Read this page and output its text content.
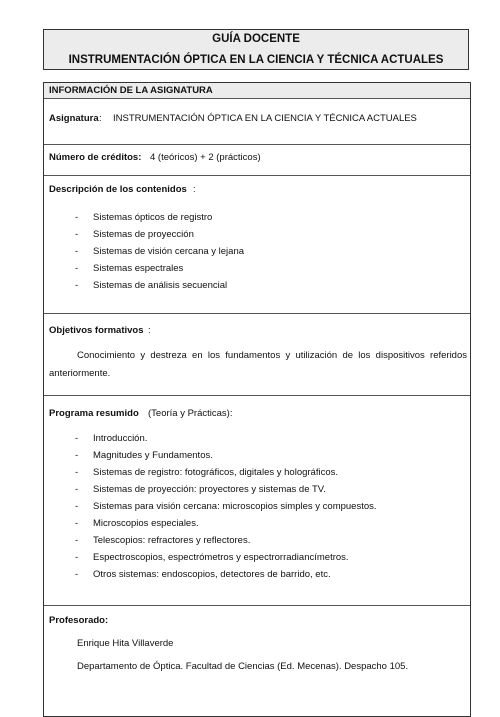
GUÍA DOCENTE
INSTRUMENTACIÓN ÓPTICA EN LA CIENCIA Y TÉCNICA ACTUALES
INFORMACIÓN DE LA ASIGNATURA
Asignatura : INSTRUMENTACIÓN ÓPTICA EN LA CIENCIA Y TÉCNICA ACTUALES
Número de créditos: 4 (teóricos) + 2 (prácticos)
Descripción de los contenidos :
- Sistemas ópticos de registro
- Sistemas de proyección
- Sistemas de visión cercana y lejana
- Sistemas espectrales
- Sistemas de análisis secuencial
Objetivos formativos :
Conocimiento y destreza en los fundamentos y utilización de los dispositivos referidos
anteriormente.
Programa resumido (Teoría y Prácticas):
- Introducción.
- Magnitudes y Fundamentos.
- Sistemas de registro: fotográficos, digitales y holográficos.
- Sistemas de proyección: proyectores y sistemas de TV.
- Sistemas para visión cercana: microscopios simples y compuestos.
- Microscopios especiales.
- Telescopios: refractores y reflectores.
- Espectroscopios, espectrómetros y espectrorradiancímetros.
- Otros sistemas: endoscopios, detectores de barrido, etc.
Profesorado:
Enrique Hita Villaverde
Departamento de Óptica. Facultad de Ciencias (Ed. Mecenas). Despacho 105.
